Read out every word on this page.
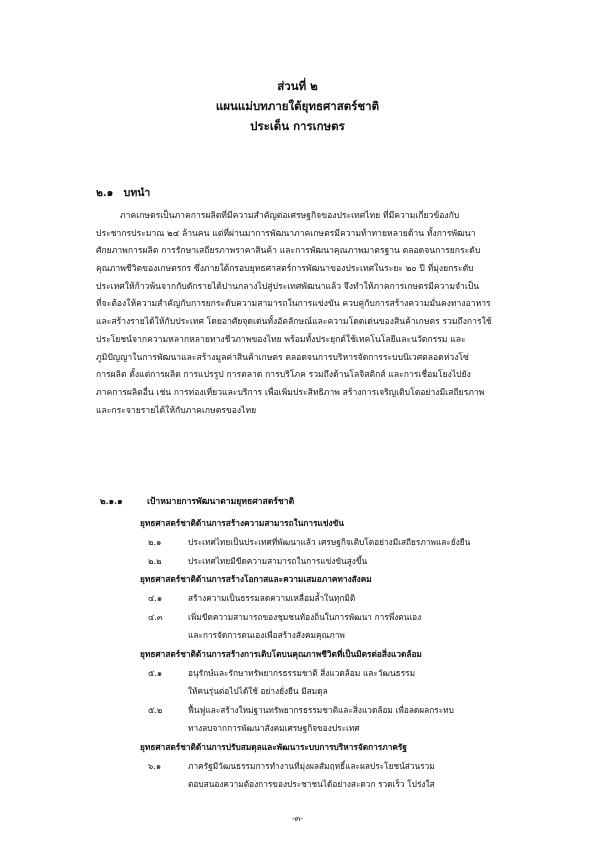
ส่วนที่ ๒
แผนแม่บทภายใต้ยุทธศาสตร์ชาติ
ประเด็น การเกษตร
๒.๑ บทนำ
ภาคเกษตรเป็นภาคการผลิตที่มีความสำคัญต่อเศรษฐกิจของประเทศไทย ที่มีความเกี่ยวข้องกับ
ประชากรประมาณ ๒๔ ล้านคน แต่ที่ผ่านมาการพัฒนาภาคเกษตรมีความท้าทายหลายด้าน ทั้งการพัฒนา
ศักยภาพการผลิต การรักษาเสถียรภาพราคาสินค้า และการพัฒนาคุณภาพมาตรฐาน ตลอดจนการยกระดับ
คุณภาพชีวิตของเกษตรกร ซึ่งภายใต้กรอบยุทธศาสตร์การพัฒนาของประเทศในระยะ ๒๐ ปี ที่มุ่งยกระดับ
ประเทศให้ก้าวพ้นจากกับดักรายได้ปานกลางไปสู่ประเทศพัฒนาแล้ว จึงทำให้ภาคการเกษตรมีความจำเป็น
ที่จะต้องให้ความสำคัญกับการยกระดับความสามารถในการแข่งขัน ควบคู่กับการสร้างความมั่นคงทางอาหาร
และสร้างรายได้ให้กับประเทศ โดยอาศัยจุดเด่นทั้งอัตลักษณ์และความโดดเด่นของสินค้าเกษตร รวมถึงการใช้
ประโยชน์จากความหลากหลายทางชีวภาพของไทย พร้อมทั้งประยุกต์ใช้เทคโนโลยีและนวัตกรรม และ
ภูมิปัญญาในการพัฒนาและสร้างมูลค่าสินค้าเกษตร ตลอดจนการบริหารจัดการระบบนิเวศตลอดห่วงโซ่
การผลิต ตั้งแต่การผลิต การแปรรูป การตลาด การบริโภค รวมถึงด้านโลจิสติกส์ และการเชื่อมโยงไปยัง
ภาคการผลิตอื่น เช่น การท่องเที่ยวและบริการ เพื่อเพิ่มประสิทธิภาพ สร้างการเจริญเติบโตอย่างมีเสถียรภาพ
และกระจายรายได้ให้กับภาคเกษตรของไทย
๒.๑.๑	เป้าหมายการพัฒนาตามยุทธศาสตร์ชาติ
ยุทธศาสตร์ชาติด้านการสร้างความสามารถในการแข่งขัน
๒.๑	ประเทศไทยเป็นประเทศที่พัฒนาแล้ว เศรษฐกิจเติบโตอย่างมีเสถียรภาพและยั่งยืน
๒.๒	ประเทศไทยมีขีดความสามารถในการแข่งขันสูงขึ้น
ยุทธศาสตร์ชาติด้านการสร้างโอกาสและความเสมอภาคทางสังคม
๔.๑	สร้างความเป็นธรรมลดความเหลื่อมล้ำในทุกมิติ
๔.๓	เพิ่มขีดความสามารถของชุมชนท้องถิ่นในการพัฒนา การพึ่งตนเอง
และการจัดการตนเองเพื่อสร้างสังคมคุณภาพ
ยุทธศาสตร์ชาติด้านการสร้างการเติบโตบนคุณภาพชีวิตที่เป็นมิตรต่อสิ่งแวดล้อม
๕.๑	อนุรักษ์และรักษาทรัพยากรธรรมชาติ สิ่งแวดล้อม และวัฒนธรรม
ให้คนรุ่นต่อไปได้ใช้ อย่างยั่งยืน มีสมดุล
๕.๒	ฟื้นฟูและสร้างใหม่ฐานทรัพยากรธรรมชาติและสิ่งแวดล้อม เพื่อลดผลกระทบ
ทางลบจากการพัฒนาสังคมเศรษฐกิจของประเทศ
ยุทธศาสตร์ชาติด้านการปรับสมดุลและพัฒนาระบบการบริหารจัดการภาครัฐ
๖.๑	ภาครัฐมีวัฒนธรรมการทำงานที่มุ่งผลสัมฤทธิ์และผลประโยชน์ส่วนรวม
ตอบสนองความต้องการของประชาชนได้อย่างสะดวก รวดเร็ว โปร่งใส
-๓-
